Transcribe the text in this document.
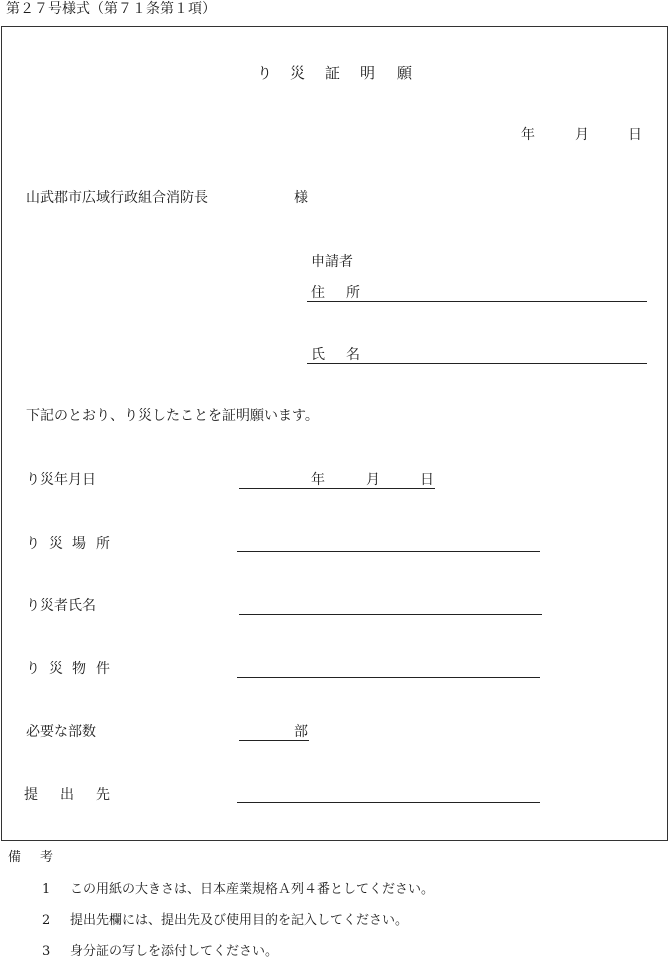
第２７号様式（第７１条第１項）
り 災 証 明 願
年	月	日
山武郡市広域行政組合消防長	様
申請者
住 所
氏 名
下記のとおり、り災したことを証明願います。
り災年月日	年	月	日
り 災 場 所
り災者氏名
り 災 物 件
必要な部数	部
提 出 先
備 考
1 この用紙の大きさは、日本産業規格Ａ列４番としてください。
2 提出先欄には、提出先及び使用目的を記入してください。
3 身分証の写しを添付してください。
